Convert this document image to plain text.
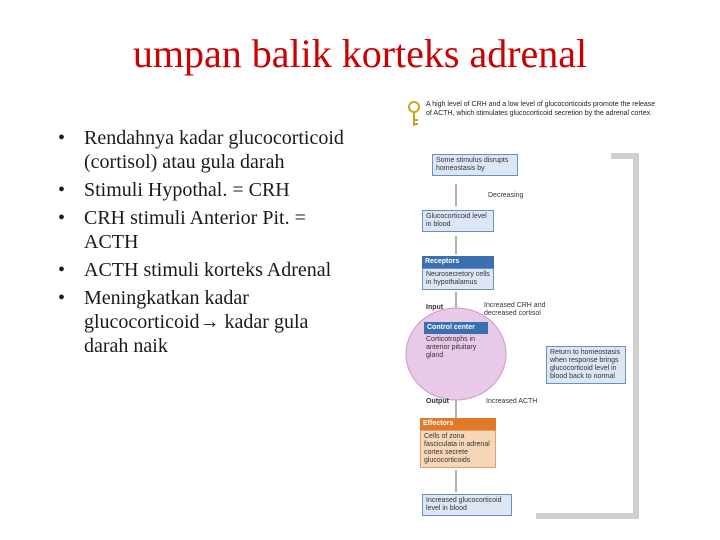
umpan balik korteks adrenal
• Rendahnya kadar glucocorticoid (cortisol) atau gula darah
• Stimuli Hypothal. = CRH
• CRH stimuli Anterior Pit. = ACTH
• ACTH stimuli korteks Adrenal
• Meningkatkan kadar glucocorticoid→ kadar gula darah naik
A high level of CRH and a low level of glucocorticoids promote the release of ACTH, which stimulates glucocorticoid secretion by the adrenal cortex.
Some stimulus disrupts homeostasis by
Decreasing
Glucocorticoid level in blood
Receptors
Neurosecretory cells in hypothalamus
Input	Increased CRH and decreased cortisol
Control center
Corticotrophs in anterior pituitary gland
Output	Increased ACTH
Effectors
Cells of zona fasciculata in adrenal cortex secrete glucocorticoids
Increased glucocorticoid level in blood
Return to homeostasis when response brings glucocorticoid level in blood back to normal
